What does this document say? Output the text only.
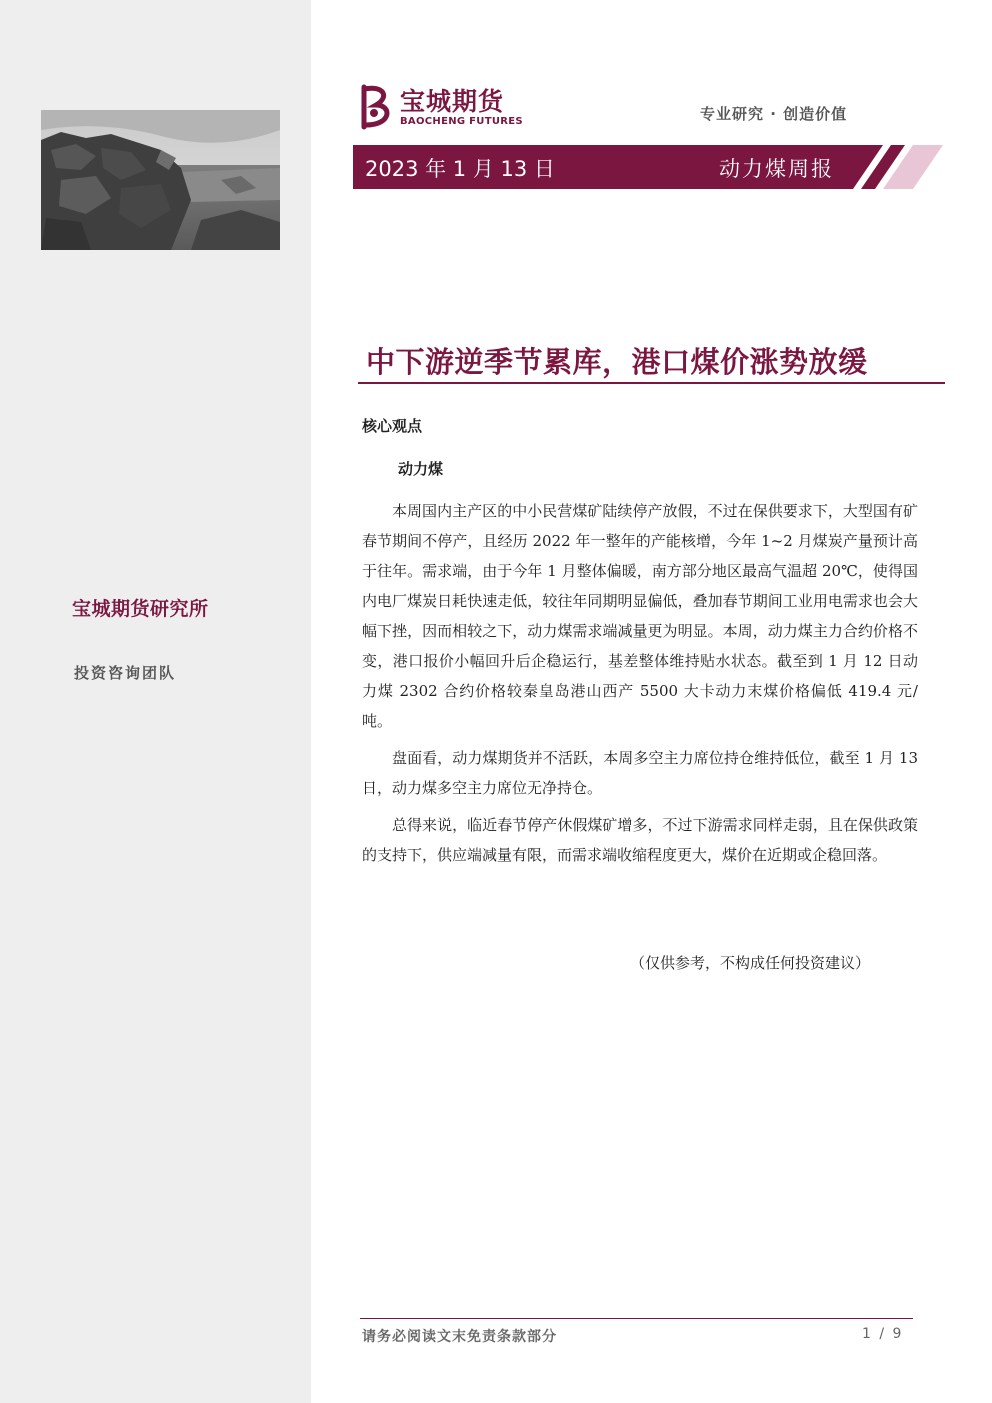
宝城期货研究所
投资咨询团队
宝城期货
BAOCHENG FUTURES	专业研究 · 创造价值
2023 年 1 月 13 日	动力煤周报
中下游逆季节累库，港口煤价涨势放缓
核心观点
动力煤

本周国内主产区的中小民营煤矿陆续停产放假，不过在保供要求下，大型国有矿春节期间不停产，且经历 2022 年一整年的产能核增，今年 1~2 月煤炭产量预计高于往年。需求端，由于今年 1 月整体偏暖，南方部分地区最高气温超 20℃，使得国内电厂煤炭日耗快速走低，较往年同期明显偏低，叠加春节期间工业用电需求也会大幅下挫，因而相较之下，动力煤需求端减量更为明显。本周，动力煤主力合约价格不变，港口报价小幅回升后企稳运行，基差整体维持贴水状态。截至到 1 月 12 日动力煤 2302 合约价格较秦皇岛港山西产 5500 大卡动力末煤价格偏低 419.4 元/吨。

盘面看，动力煤期货并不活跃，本周多空主力席位持仓维持低位，截至 1 月 13 日，动力煤多空主力席位无净持仓。

总得来说，临近春节停产休假煤矿增多，不过下游需求同样走弱，且在保供政策的支持下，供应端减量有限，而需求端收缩程度更大，煤价在近期或企稳回落。

（仅供参考，不构成任何投资建议）
请务必阅读文末免责条款部分	1 / 9
